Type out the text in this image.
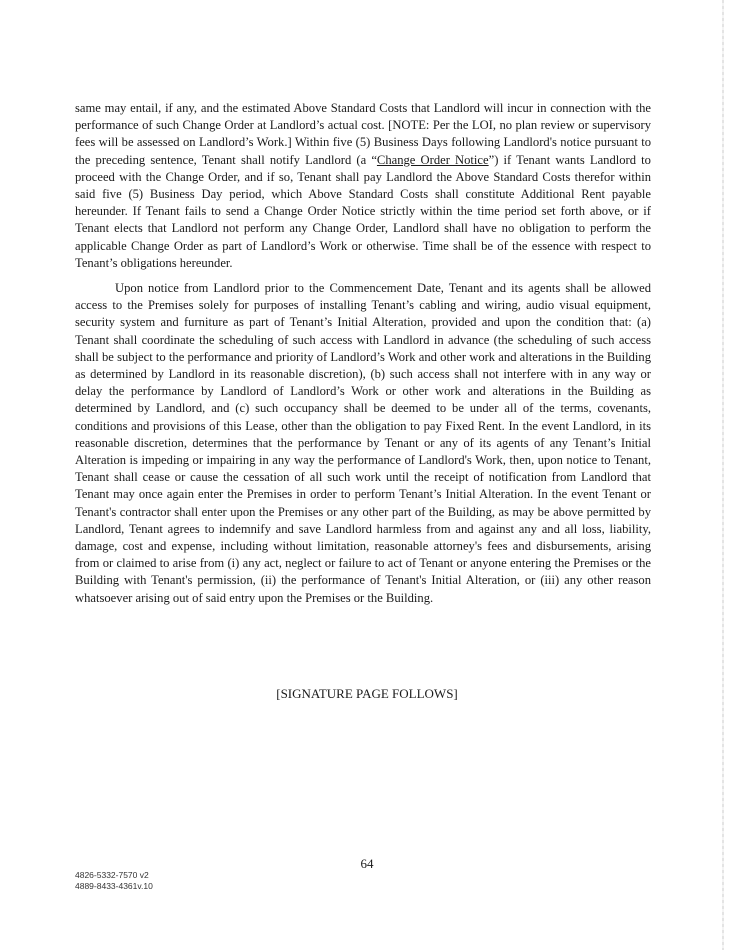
same may entail, if any, and the estimated Above Standard Costs that Landlord will incur in connection with the performance of such Change Order at Landlord’s actual cost. [NOTE: Per the LOI, no plan review or supervisory fees will be assessed on Landlord’s Work.] Within five (5) Business Days following Landlord's notice pursuant to the preceding sentence, Tenant shall notify Landlord (a “Change Order Notice”) if Tenant wants Landlord to proceed with the Change Order, and if so, Tenant shall pay Landlord the Above Standard Costs therefor within said five (5) Business Day period, which Above Standard Costs shall constitute Additional Rent payable hereunder. If Tenant fails to send a Change Order Notice strictly within the time period set forth above, or if Tenant elects that Landlord not perform any Change Order, Landlord shall have no obligation to perform the applicable Change Order as part of Landlord’s Work or otherwise. Time shall be of the essence with respect to Tenant’s obligations hereunder.

Upon notice from Landlord prior to the Commencement Date, Tenant and its agents shall be allowed access to the Premises solely for purposes of installing Tenant’s cabling and wiring, audio visual equipment, security system and furniture as part of Tenant’s Initial Alteration, provided and upon the condition that: (a) Tenant shall coordinate the scheduling of such access with Landlord in advance (the scheduling of such access shall be subject to the performance and priority of Landlord’s Work and other work and alterations in the Building as determined by Landlord in its reasonable discretion), (b) such access shall not interfere with in any way or delay the performance by Landlord of Landlord’s Work or other work and alterations in the Building as determined by Landlord, and (c) such occupancy shall be deemed to be under all of the terms, covenants, conditions and provisions of this Lease, other than the obligation to pay Fixed Rent. In the event Landlord, in its reasonable discretion, determines that the performance by Tenant or any of its agents of any Tenant’s Initial Alteration is impeding or impairing in any way the performance of Landlord's Work, then, upon notice to Tenant, Tenant shall cease or cause the cessation of all such work until the receipt of notification from Landlord that Tenant may once again enter the Premises in order to perform Tenant’s Initial Alteration. In the event Tenant or Tenant's contractor shall enter upon the Premises or any other part of the Building, as may be above permitted by Landlord, Tenant agrees to indemnify and save Landlord harmless from and against any and all loss, liability, damage, cost and expense, including without limitation, reasonable attorney's fees and disbursements, arising from or claimed to arise from (i) any act, neglect or failure to act of Tenant or anyone entering the Premises or the Building with Tenant's permission, (ii) the performance of Tenant's Initial Alteration, or (iii) any other reason whatsoever arising out of said entry upon the Premises or the Building.

[SIGNATURE PAGE FOLLOWS]
64
4826-5332-7570 v2
4889-8433-4361v.10
